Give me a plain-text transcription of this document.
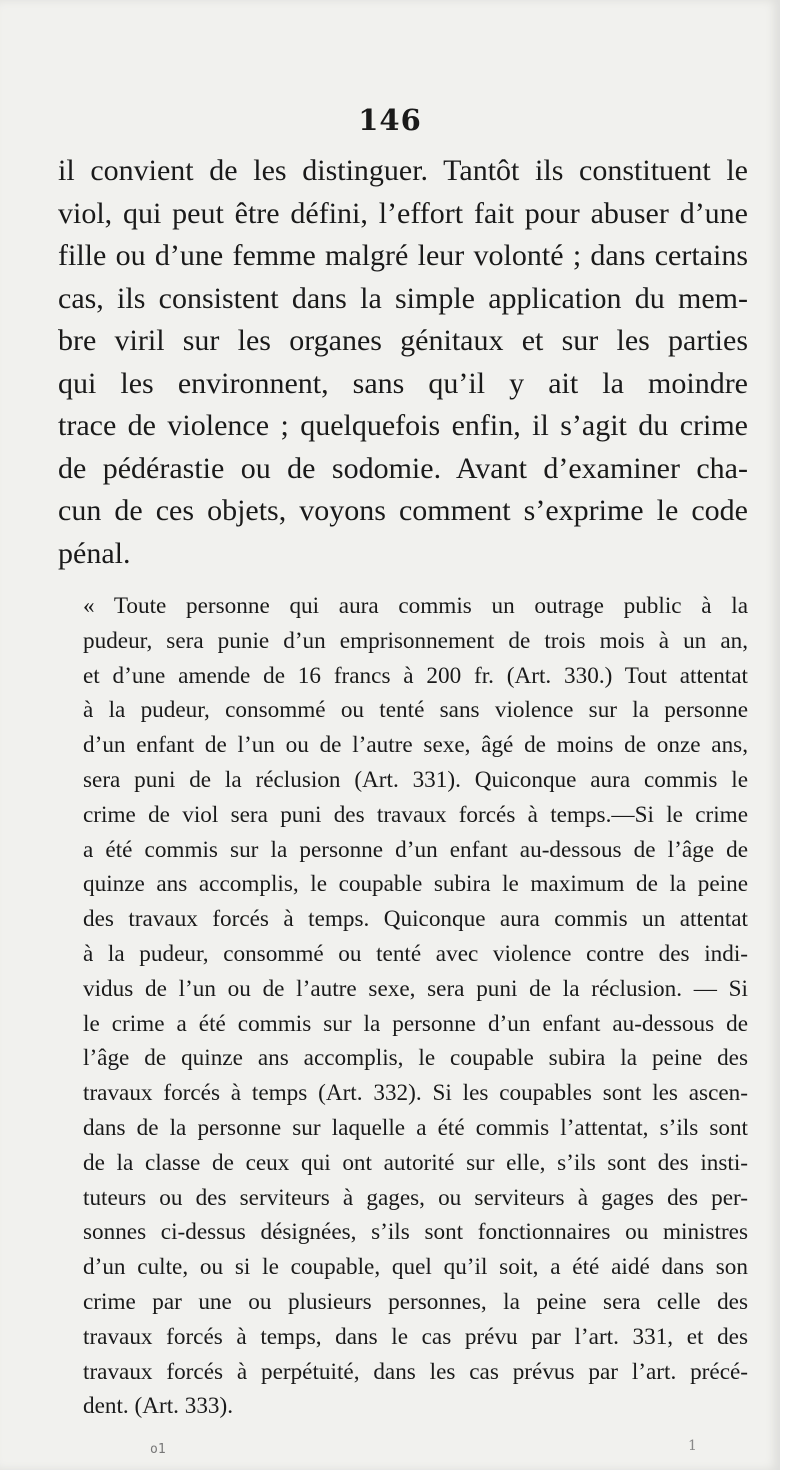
146
il convient de les distinguer. Tantôt ils constituent le
viol, qui peut être défini, l’effort fait pour abuser d’une
fille ou d’une femme malgré leur volonté ; dans certains
cas, ils consistent dans la simple application du mem-
bre viril sur les organes génitaux et sur les parties
qui les environnent, sans qu’il y ait la moindre
trace de violence ; quelquefois enfin, il s’agit du crime
de pédérastie ou de sodomie. Avant d’examiner cha-
cun de ces objets, voyons comment s’exprime le code
pénal.
« Toute personne qui aura commis un outrage public à la
pudeur, sera punie d’un emprisonnement de trois mois à un an,
et d’une amende de 16 francs à 200 fr. (Art. 330.) Tout attentat
à la pudeur, consommé ou tenté sans violence sur la personne
d’un enfant de l’un ou de l’autre sexe, âgé de moins de onze ans,
sera puni de la réclusion (Art. 331). Quiconque aura commis le
crime de viol sera puni des travaux forcés à temps.—Si le crime
a été commis sur la personne d’un enfant au-dessous de l’âge de
quinze ans accomplis, le coupable subira le maximum de la peine
des travaux forcés à temps. Quiconque aura commis un attentat
à la pudeur, consommé ou tenté avec violence contre des indi-
vidus de l’un ou de l’autre sexe, sera puni de la réclusion. — Si
le crime a été commis sur la personne d’un enfant au-dessous de
l’âge de quinze ans accomplis, le coupable subira la peine des
travaux forcés à temps (Art. 332). Si les coupables sont les ascen-
dans de la personne sur laquelle a été commis l’attentat, s’ils sont
de la classe de ceux qui ont autorité sur elle, s’ils sont des insti-
tuteurs ou des serviteurs à gages, ou serviteurs à gages des per-
sonnes ci-dessus désignées, s’ils sont fonctionnaires ou ministres
d’un culte, ou si le coupable, quel qu’il soit, a été aidé dans son
crime par une ou plusieurs personnes, la peine sera celle des
travaux forcés à temps, dans le cas prévu par l’art. 331, et des
travaux forcés à perpétuité, dans les cas prévus par l’art. précé-
dent. (Art. 333).
o1	1
